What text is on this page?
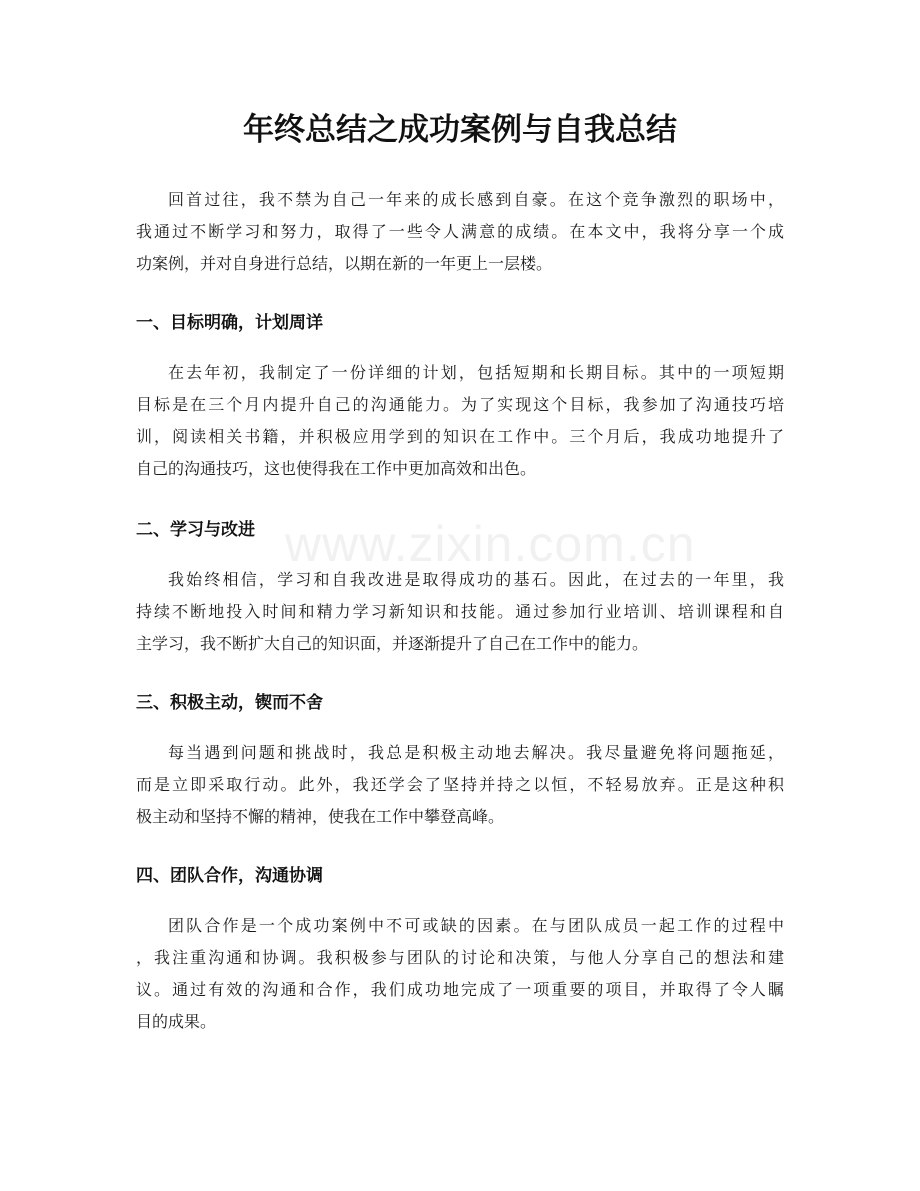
www.zixin.com.cn
年终总结之成功案例与自我总结

回首过往，我不禁为自己一年来的成长感到自豪。在这个竞争激烈的职场中，
我通过不断学习和努力，取得了一些令人满意的成绩。在本文中，我将分享一个成
功案例，并对自身进行总结，以期在新的一年更上一层楼。

一、目标明确，计划周详

在去年初，我制定了一份详细的计划，包括短期和长期目标。其中的一项短期
目标是在三个月内提升自己的沟通能力。为了实现这个目标，我参加了沟通技巧培
训，阅读相关书籍，并积极应用学到的知识在工作中。三个月后，我成功地提升了
自己的沟通技巧，这也使得我在工作中更加高效和出色。

二、学习与改进

我始终相信，学习和自我改进是取得成功的基石。因此，在过去的一年里，我
持续不断地投入时间和精力学习新知识和技能。通过参加行业培训、培训课程和自
主学习，我不断扩大自己的知识面，并逐渐提升了自己在工作中的能力。

三、积极主动，锲而不舍

每当遇到问题和挑战时，我总是积极主动地去解决。我尽量避免将问题拖延，
而是立即采取行动。此外，我还学会了坚持并持之以恒，不轻易放弃。正是这种积
极主动和坚持不懈的精神，使我在工作中攀登高峰。

四、团队合作，沟通协调

团队合作是一个成功案例中不可或缺的因素。在与团队成员一起工作的过程中
，我注重沟通和协调。我积极参与团队的讨论和决策，与他人分享自己的想法和建
议。通过有效的沟通和合作，我们成功地完成了一项重要的项目，并取得了令人瞩
目的成果。
